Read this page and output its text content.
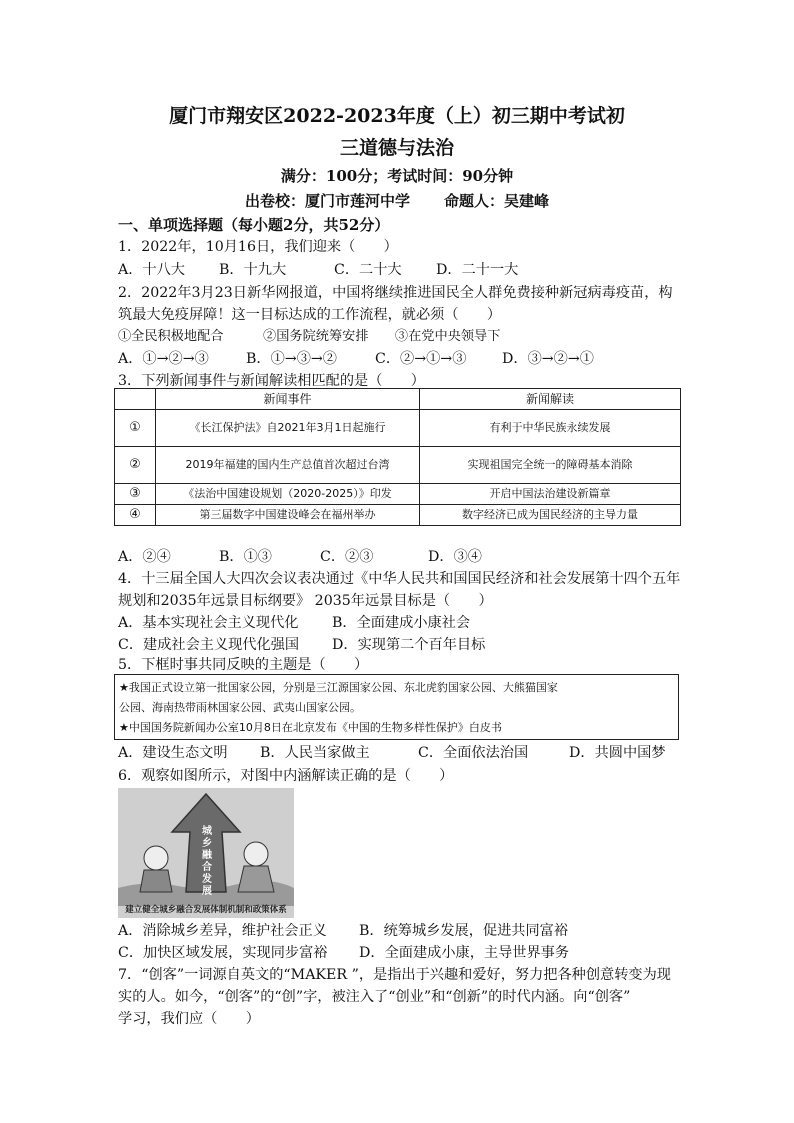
厦门市翔安区2022-2023年度（上）初三期中考试初
三道德与法治
满分：100分；考试时间：90分钟
出卷校：厦门市莲河中学 命题人：吴建峰
一、单项选择题（每小题2分，共52分）
1．2022年，10月16日，我们迎来（　　）
A．十八大 B．十九大	C．二十大 D．二十一大
2．2022年3月23日新华网报道，中国将继续推进国民全人群免费接种新冠病毒疫苗，构
筑最大免疫屏障！这一目标达成的工作流程，就必须（　　）
①全民积极地配合　　　②国务院统筹安排　　③在党中央领导下
A．①→②→③	B．①→③→②	C．②→①→③	D．③→②→①
3．下列新闻事件与新闻解读相匹配的是（　　）
	新闻事件	新闻解读
①	《长江保护法》自2021年3月1日起施行	有利于中华民族永续发展
②	2019年福建的国内生产总值首次超过台湾	实现祖国完全统一的障碍基本消除
③	《法治中国建设规划（2020-2025）》印发	开启中国法治建设新篇章
④	第三届数字中国建设峰会在福州举办	数字经济已成为国民经济的主导力量
A．②④	B．①③	C．②③	D．③④
4．十三届全国人大四次会议表决通过《中华人民共和国国民经济和社会发展第十四个五年
规划和2035年远景目标纲要》 2035年远景目标是（　　）
A．基本实现社会主义现代化 B．全面建成小康社会
C．建成社会主义现代化强国 D．实现第二个百年目标
5．下框时事共同反映的主题是（　　）
★我国正式设立第一批国家公园，分别是三江源国家公园、东北虎豹国家公园、大熊猫国家
公园、海南热带雨林国家公园、武夷山国家公园。
★中国国务院新闻办公室10月8日在北京发布《中国的生物多样性保护》白皮书
A．建设生态文明 B．人民当家做主	C．全面依法治国	D．共圆中国梦
6．观察如图所示，对图中内涵解读正确的是（　　）
城乡融合发展
建立健全城乡融合发展体制机制和政策体系
A．消除城乡差异，维护社会正义 B．统筹城乡发展，促进共同富裕
C．加快区域发展，实现同步富裕 D．全面建成小康，主导世界事务
7．“创客”一词源自英文的“MAKER ”，是指出于兴趣和爱好，努力把各种创意转变为现
实的人。如今，“创客”的“创”字，被注入了“创业”和“创新”的时代内涵。向“创客”
学习，我们应（　　）
